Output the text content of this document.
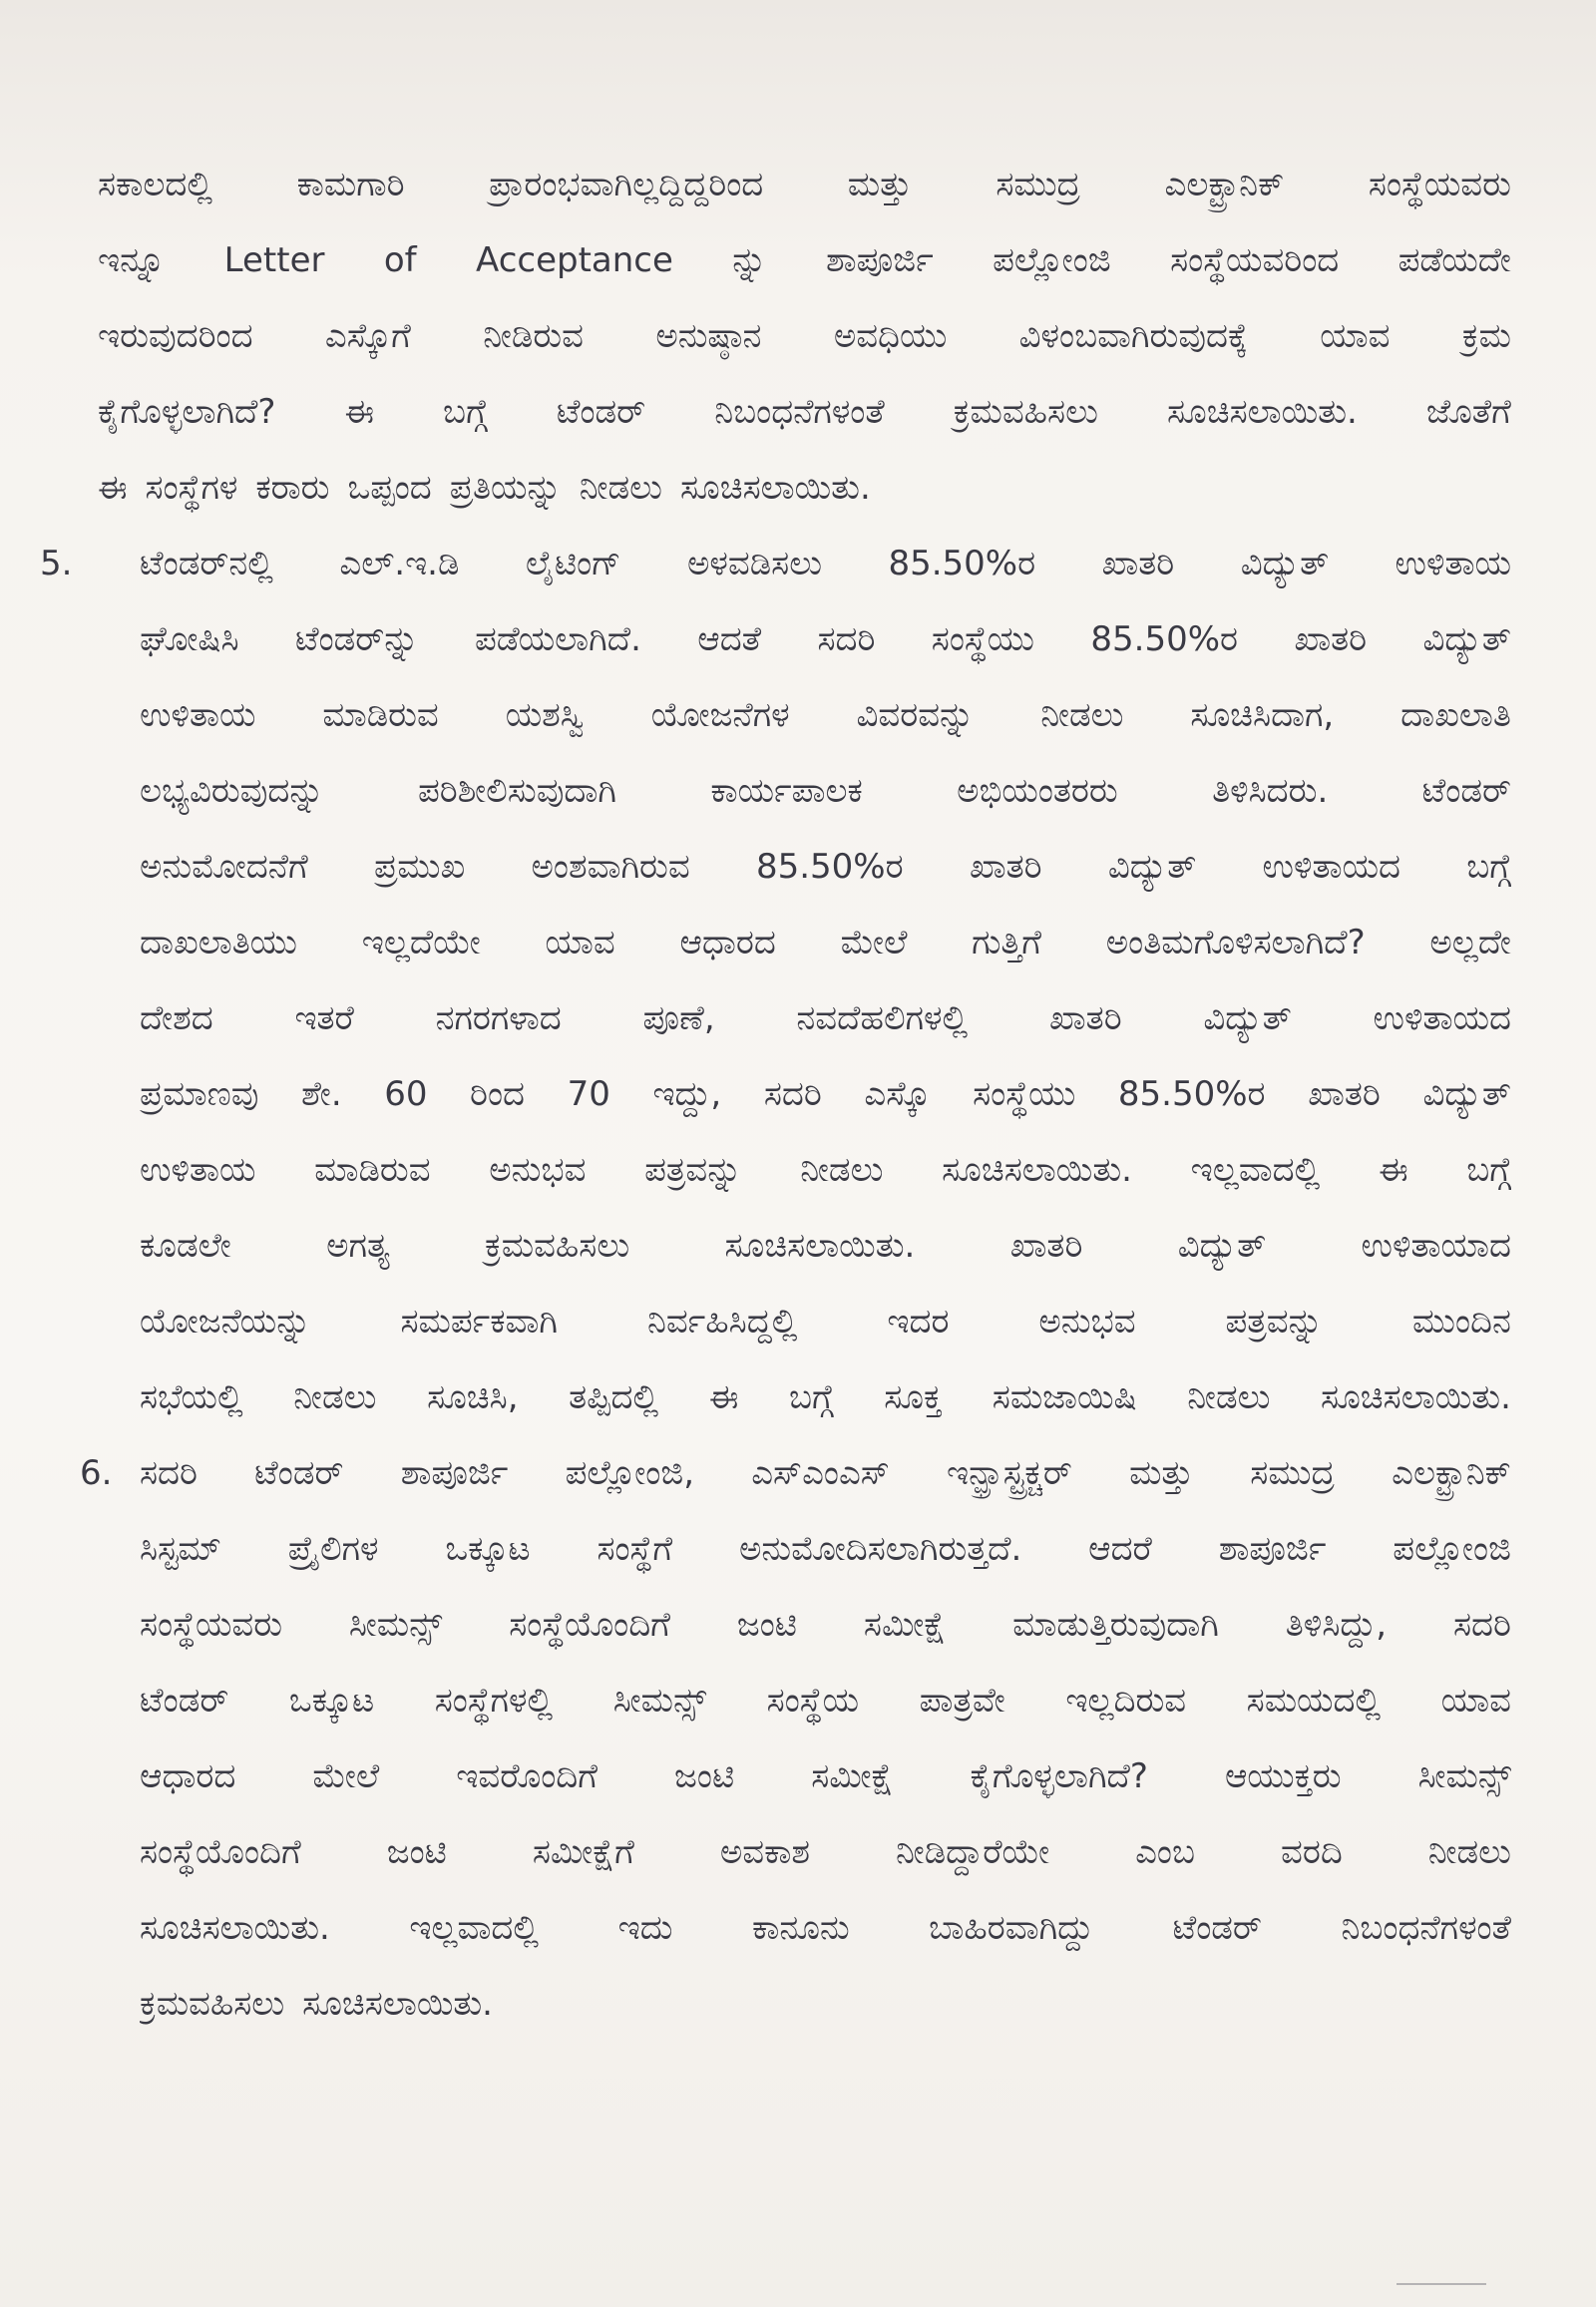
ಸಕಾಲದಲ್ಲಿ ಕಾಮಗಾರಿ ಪ್ರಾರಂಭವಾಗಿಲ್ಲದ್ದಿದ್ದರಿಂದ ಮತ್ತು ಸಮುದ್ರ ಎಲಕ್ಟ್ರಾನಿಕ್ ಸಂಸ್ಥೆಯವರು
ಇನ್ನೂ Letter of Acceptance ನ್ನು ಶಾಪೂರ್ಜಿ ಪಲ್ಲೋಂಜಿ ಸಂಸ್ಥೆಯವರಿಂದ ಪಡೆಯದೇ
ಇರುವುದರಿಂದ ಎಸ್ಕೊಗೆ ನೀಡಿರುವ ಅನುಷ್ಠಾನ ಅವಧಿಯು ವಿಳಂಬವಾಗಿರುವುದಕ್ಕೆ ಯಾವ ಕ್ರಮ
ಕೈಗೊಳ್ಳಲಾಗಿದೆ? ಈ ಬಗ್ಗೆ ಟೆಂಡರ್ ನಿಬಂಧನೆಗಳಂತೆ ಕ್ರಮವಹಿಸಲು ಸೂಚಿಸಲಾಯಿತು. ಜೊತೆಗೆ
ಈ ಸಂಸ್ಥೆಗಳ ಕರಾರು ಒಪ್ಪಂದ ಪ್ರತಿಯನ್ನು ನೀಡಲು ಸೂಚಿಸಲಾಯಿತು.
5.	ಟೆಂಡರ್‌ನಲ್ಲಿ ಎಲ್.ಇ.ಡಿ ಲೈಟಿಂಗ್ ಅಳವಡಿಸಲು 85.50%ರ ಖಾತರಿ ವಿದ್ಯುತ್ ಉಳಿತಾಯ
ಘೋಷಿಸಿ ಟೆಂಡರ್‌ನ್ನು ಪಡೆಯಲಾಗಿದೆ. ಆದತೆ ಸದರಿ ಸಂಸ್ಥೆಯು 85.50%ರ ಖಾತರಿ ವಿದ್ಯುತ್
ಉಳಿತಾಯ ಮಾಡಿರುವ ಯಶಸ್ವಿ ಯೋಜನೆಗಳ ವಿವರವನ್ನು ನೀಡಲು ಸೂಚಿಸಿದಾಗ, ದಾಖಲಾತಿ
ಲಭ್ಯವಿರುವುದನ್ನು	ಪರಿಶೀಲಿಸುವುದಾಗಿ	ಕಾರ್ಯಪಾಲಕ	ಅಭಿಯಂತರರು	ತಿಳಿಸಿದರು.	ಟೆಂಡರ್
ಅನುಮೋದನೆಗೆ ಪ್ರಮುಖ ಅಂಶವಾಗಿರುವ 85.50%ರ ಖಾತರಿ ವಿದ್ಯುತ್ ಉಳಿತಾಯದ ಬಗ್ಗೆ
ದಾಖಲಾತಿಯು ಇಲ್ಲದೆಯೇ ಯಾವ ಆಧಾರದ ಮೇಲೆ ಗುತ್ತಿಗೆ ಅಂತಿಮಗೊಳಿಸಲಾಗಿದೆ? ಅಲ್ಲದೇ
ದೇಶದ ಇತರೆ ನಗರಗಳಾದ ಪೂಣೆ, ನವದೆಹಲಿಗಳಲ್ಲಿ ಖಾತರಿ ವಿದ್ಯುತ್ ಉಳಿತಾಯದ
ಪ್ರಮಾಣವು ಶೇ. 60 ರಿಂದ 70 ಇದ್ದು, ಸದರಿ ಎಸ್ಕೊ ಸಂಸ್ಥೆಯು 85.50%ರ ಖಾತರಿ ವಿದ್ಯುತ್
ಉಳಿತಾಯ ಮಾಡಿರುವ ಅನುಭವ ಪತ್ರವನ್ನು ನೀಡಲು ಸೂಚಿಸಲಾಯಿತು. ಇಲ್ಲವಾದಲ್ಲಿ ಈ ಬಗ್ಗೆ
ಕೂಡಲೇ	ಅಗತ್ಯ	ಕ್ರಮವಹಿಸಲು	ಸೂಚಿಸಲಾಯಿತು.	ಖಾತರಿ	ವಿದ್ಯುತ್	ಉಳಿತಾಯಾದ
ಯೋಜನೆಯನ್ನು	ಸಮರ್ಪಕವಾಗಿ	ನಿರ್ವಹಿಸಿದ್ದಲ್ಲಿ	ಇದರ	ಅನುಭವ	ಪತ್ರವನ್ನು	ಮುಂದಿನ
ಸಭೆಯಲ್ಲಿ ನೀಡಲು ಸೂಚಿಸಿ, ತಪ್ಪಿದಲ್ಲಿ ಈ ಬಗ್ಗೆ ಸೂಕ್ತ ಸಮಜಾಯಿಷಿ ನೀಡಲು ಸೂಚಿಸಲಾಯಿತು.
6. ಸದರಿ ಟೆಂಡರ್ ಶಾಪೂರ್ಜಿ ಪಲ್ಲೋಂಜಿ, ಎಸ್‌ಎಂಎಸ್ ಇನ್ಫ್ರಾಸ್ಟ್ರಕ್ಚರ್ ಮತ್ತು ಸಮುದ್ರ ಎಲಕ್ಟ್ರಾನಿಕ್
ಸಿಸ್ಟಮ್ ಪ್ರೈಲಿಗಳ ಒಕ್ಕೂಟ ಸಂಸ್ಥೆಗೆ ಅನುಮೋದಿಸಲಾಗಿರುತ್ತದೆ. ಆದರೆ ಶಾಪೂರ್ಜಿ ಪಲ್ಲೋಂಜಿ
ಸಂಸ್ಥೆಯವರು ಸೀಮನ್ಸ್ ಸಂಸ್ಥೆಯೊಂದಿಗೆ ಜಂಟಿ ಸಮೀಕ್ಷೆ ಮಾಡುತ್ತಿರುವುದಾಗಿ ತಿಳಿಸಿದ್ದು, ಸದರಿ
ಟೆಂಡರ್ ಒಕ್ಕೂಟ ಸಂಸ್ಥೆಗಳಲ್ಲಿ ಸೀಮನ್ಸ್ ಸಂಸ್ಥೆಯ ಪಾತ್ರವೇ ಇಲ್ಲದಿರುವ ಸಮಯದಲ್ಲಿ ಯಾವ
ಆಧಾರದ ಮೇಲೆ ಇವರೊಂದಿಗೆ ಜಂಟಿ ಸಮೀಕ್ಷೆ ಕೈಗೊಳ್ಳಲಾಗಿದೆ? ಆಯುಕ್ತರು ಸೀಮನ್ಸ್
ಸಂಸ್ಥೆಯೊಂದಿಗೆ	ಜಂಟಿ	ಸಮೀಕ್ಷೆಗೆ	ಅವಕಾಶ	ನೀಡಿದ್ದಾರೆಯೇ	ಎಂಬ	ವರದಿ	ನೀಡಲು
ಸೂಚಿಸಲಾಯಿತು. ಇಲ್ಲವಾದಲ್ಲಿ ಇದು ಕಾನೂನು ಬಾಹಿರವಾಗಿದ್ದು ಟೆಂಡರ್ ನಿಬಂಧನೆಗಳಂತೆ
ಕ್ರಮವಹಿಸಲು ಸೂಚಿಸಲಾಯಿತು.
